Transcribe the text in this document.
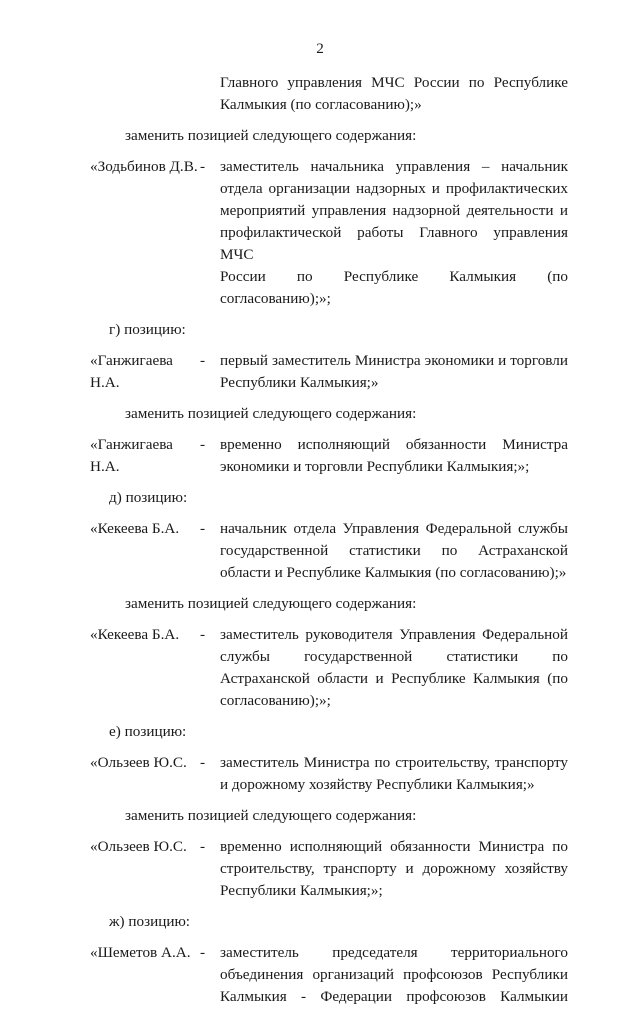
2
Главного управления МЧС России по Республике
Калмыкия (по согласованию);»
заменить позицией следующего содержания:
«Зодьбинов Д.В. - заместитель начальника управления – начальник отдела организации надзорных и профилактических мероприятий управления надзорной деятельности и профилактической работы Главного управления МЧС
России по Республике Калмыкия (по
согласованию);»;
г) позицию:
«Ганжигаева
Н.А.
- первый заместитель Министра экономики и торговли Республики Калмыкия;»
заменить позицией следующего содержания:
«Ганжигаева
Н.А.
- временно исполняющий обязанности Министра экономики и торговли Республики Калмыкия;»;
д) позицию:
«Кекеева Б.А.	- начальник отдела Управления Федеральной службы государственной статистики по Астраханской области и Республике Калмыкия (по согласованию);»
заменить позицией следующего содержания:
«Кекеева Б.А.	- заместитель руководителя Управления Федеральной службы государственной статистики по Астраханской области и Республике Калмыкия (по согласованию);»;
е) позицию:
«Ользеев Ю.С. - заместитель Министра по строительству, транспорту и дорожному хозяйству Республики Калмыкия;»
заменить позицией следующего содержания:
«Ользеев Ю.С. - временно исполняющий обязанности Министра по строительству, транспорту и дорожному хозяйству Республики Калмыкия;»;
ж) позицию:
«Шеметов А.А. - заместитель председателя территориального
объединения организаций профсоюзов Республики
Калмыкия - Федерации профсоюзов Калмыкии
